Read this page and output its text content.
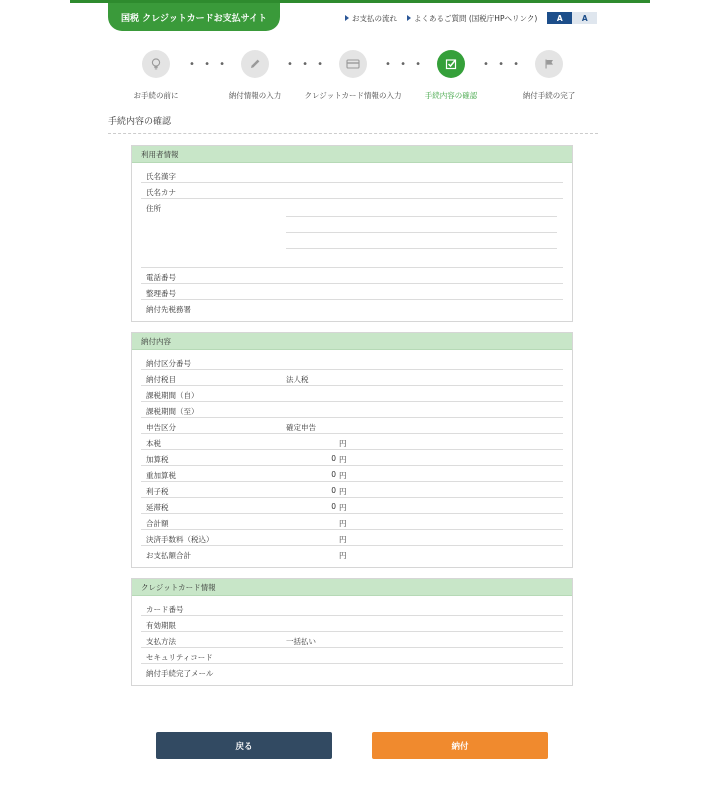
国税 クレジットカードお支払サイト	お支払の流れ よくあるご質問 (国税庁HPへリンク)	A	A
• • •	• • •	• • •	• • •
お手続の前に	納付情報の入力	クレジットカード情報の入力	手続内容の確認	納付手続の完了
手続内容の確認
利用者情報
氏名漢字
氏名カナ
住所
電話番号
整理番号
納付先税務署
納付内容
納付区分番号
納付税目	法人税
課税期間（自）
課税期間（至）
申告区分	確定申告
本税	円
加算税	0 円
重加算税	0 円
利子税	0 円
延滞税	0 円
合計額	円
決済手数料（税込）	円
お支払額合計	円
クレジットカード情報
カード番号
有効期限
支払方法	一括払い
セキュリティコード
納付手続完了メール
戻る	納付
